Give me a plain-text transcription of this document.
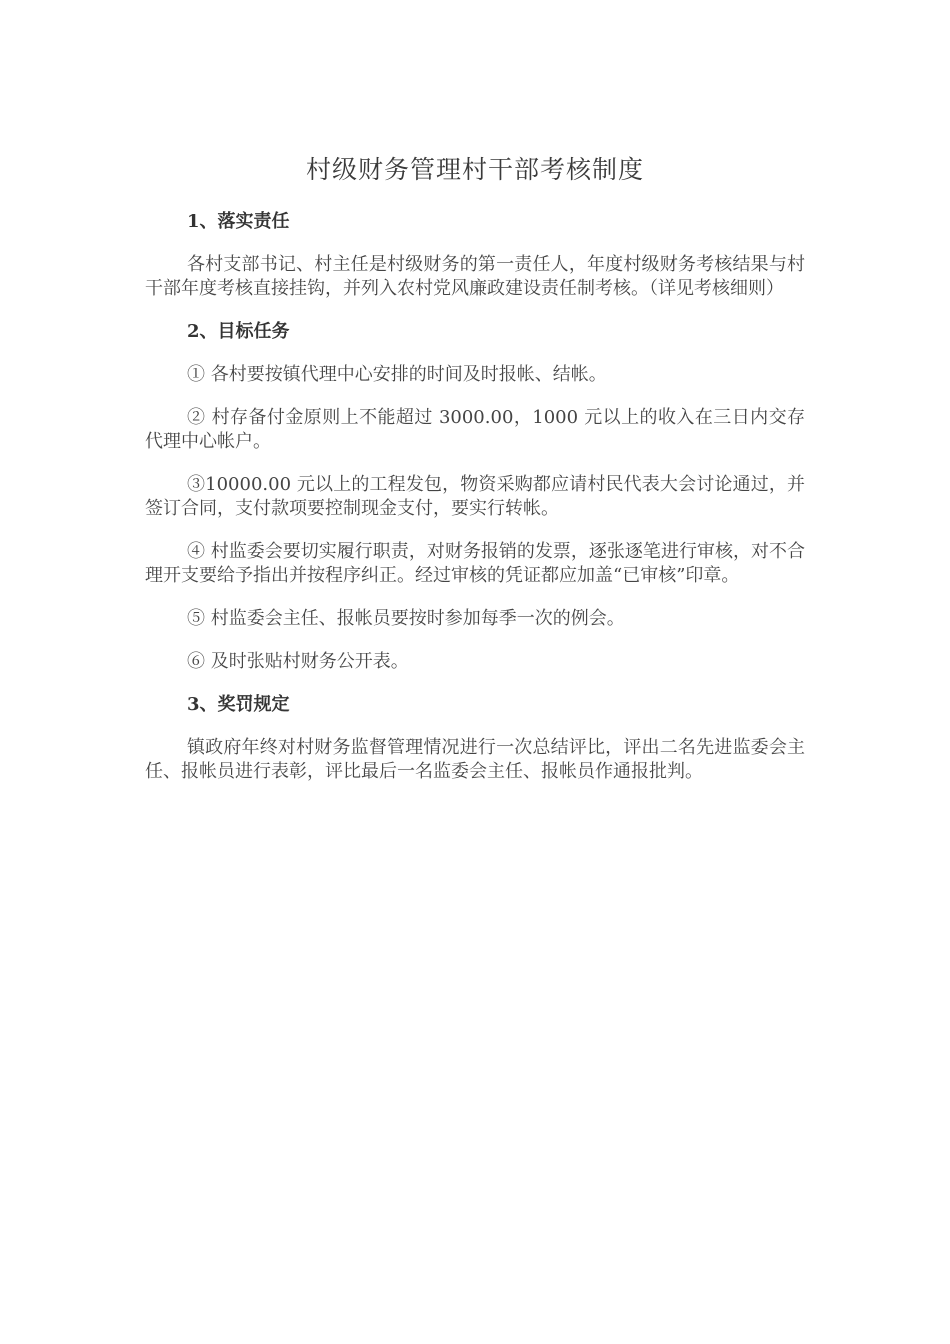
村级财务管理村干部考核制度

1、落实责任

各村支部书记、村主任是村级财务的第一责任人，年度村级财务考核结果与村干部年度考核直接挂钩，并列入农村党风廉政建设责任制考核。（详见考核细则）

2、目标任务

① 各村要按镇代理中心安排的时间及时报帐、结帐。

② 村存备付金原则上不能超过 3000.00，1000 元以上的收入在三日内交存代理中心帐户。

③10000.00 元以上的工程发包，物资采购都应请村民代表大会讨论通过，并签订合同，支付款项要控制现金支付，要实行转帐。

④ 村监委会要切实履行职责，对财务报销的发票，逐张逐笔进行审核，对不合理开支要给予指出并按程序纠正。经过审核的凭证都应加盖“已审核”印章。

⑤ 村监委会主任、报帐员要按时参加每季一次的例会。

⑥ 及时张贴村财务公开表。

3、奖罚规定

镇政府年终对村财务监督管理情况进行一次总结评比，评出二名先进监委会主任、报帐员进行表彰，评比最后一名监委会主任、报帐员作通报批判。
